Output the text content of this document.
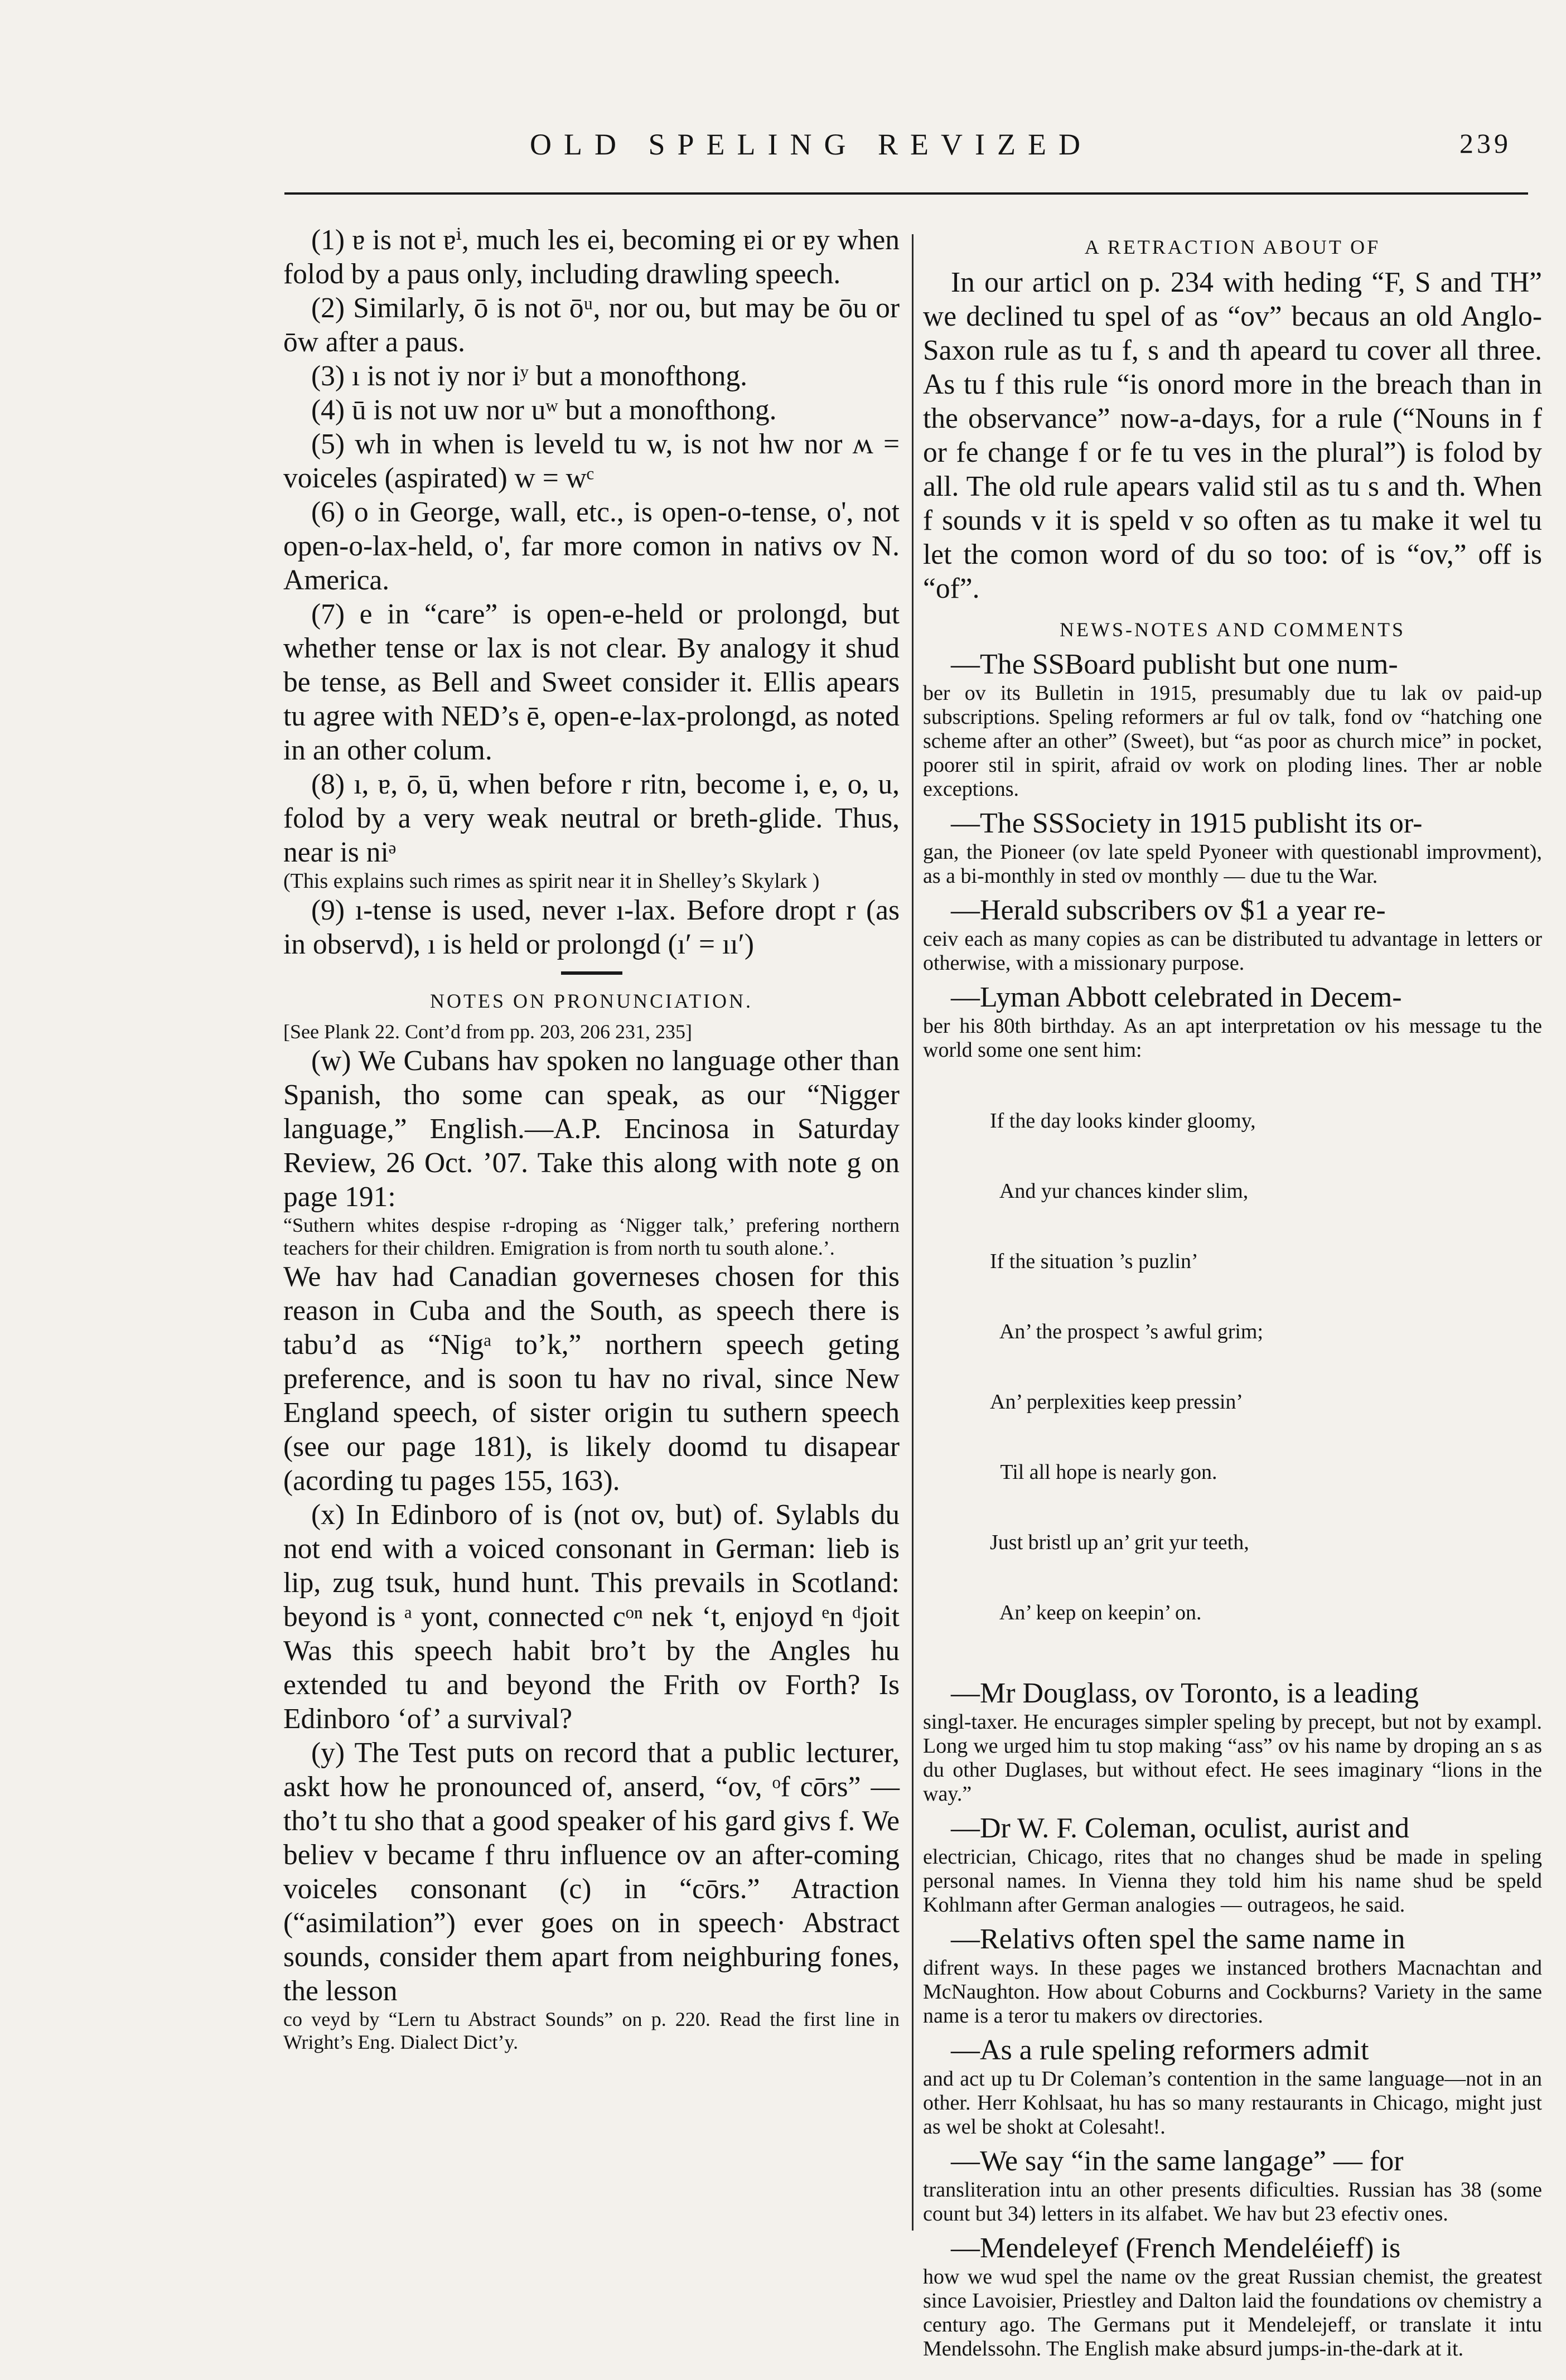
OLD SPELING REVIZED	239

(1) ɐ is not ɐⁱ, much les ei, becoming ɐi or ɐy when folod by a paus only, including drawling speech.

(2) Similarly, ō is not ōᵘ, nor ou, but may be ōu or ōw after a paus.

(3) ı is not iy nor iʸ but a monofthong.

(4) ū is not uw nor uʷ but a monofthong.

(5) wh in when is leveld tu w, is not hw nor ʍ = voiceles (aspirated) w = wᶜ

(6) o in George, wall, etc., is open-o-tense, o', not open-o-lax-held, o', far more comon in nativs ov N. America.

(7) e in “care” is open-e-held or prolongd, but whether tense or lax is not clear. By analogy it shud be tense, as Bell and Sweet consider it. Ellis apears tu agree with NED’s ē, open-e-lax-prolongd, as noted in an other colum.

(8) ı, ɐ, ō, ū, when before r ritn, become i, e, o, u, folod by a very weak neutral or breth-glide. Thus, near is niᵊ

(This explains such rimes as spirit near it in Shelley’s Skylark )

(9) ı-tense is used, never ı-lax. Before dropt r (as in observd), ı is held or prolongd (ı′ = ıı′)

NOTES ON PRONUNCIATION.

[See Plank 22. Cont’d from pp. 203, 206 231, 235]

(w) We Cubans hav spoken no language other than Spanish, tho some can speak, as our “Nigger language,” English.—A.P. Encinosa in Saturday Review, 26 Oct. ’07. Take this along with note g on page 191:

“Suthern whites despise r-droping as ‘Nigger talk,’ prefering northern teachers for their children. Emigration is from north tu south alone.’.

We hav had Canadian governeses chosen for this reason in Cuba and the South, as speech there is tabu’d as “Nigᵃ to’k,” northern speech geting preference, and is soon tu hav no rival, since New England speech, of sister origin tu suthern speech (see our page 181), is likely doomd tu disapear (acording tu pages 155, 163).

(x) In Edinboro of is (not ov, but) of. Sylabls du not end with a voiced consonant in German: lieb is lip, zug tsuk, hund hunt. This prevails in Scotland: beyond is ᵃ yont, connected cᵒⁿ nek ‘t, enjoyd ᵉn ᵈjoit Was this speech habit bro’t by the Angles hu extended tu and beyond the Frith ov Forth? Is Edinboro ‘of’ a survival?

(y) The Test puts on record that a public lecturer, askt how he pronounced of, anserd, “ov, ᵒf cōrs” — tho’t tu sho that a good speaker of his gard givs f. We believ v became f thru influence ov an after-coming voiceles consonant (c) in “cōrs.” Atraction (“asimilation”) ever goes on in speech· Abstract sounds, consider them apart from neighburing fones, the lesson

co veyd by “Lern tu Abstract Sounds” on p. 220. Read the first line in Wright’s Eng. Dialect Dict’y.

A RETRACTION ABOUT OF

In our articl on p. 234 with heding “F, S and TH” we declined tu spel of as “ov” becaus an old Anglo-Saxon rule as tu f, s and th apeard tu cover all three. As tu f this rule “is onord more in the breach than in the observance” now-a-days, for a rule (“Nouns in f or fe change f or fe tu ves in the plural”) is folod by all. The old rule apears valid stil as tu s and th. When f sounds v it is speld v so often as tu make it wel tu let the comon word of du so too: of is “ov,” off is “of”.

NEWS-NOTES AND COMMENTS

—The SSBoard publisht but one num-

ber ov its Bulletin in 1915, presumably due tu lak ov paid-up subscriptions. Speling reformers ar ful ov talk, fond ov “hatching one scheme after an other” (Sweet), but “as poor as church mice” in pocket, poorer stil in spirit, afraid ov work on ploding lines. Ther ar noble exceptions.

—The SSSociety in 1915 publisht its or-

gan, the Pioneer (ov late speld Pyoneer with questionabl improvment), as a bi-monthly in sted ov monthly — due tu the War.

—Herald subscribers ov $1 a year re-

ceiv each as many copies as can be distributed tu advantage in letters or otherwise, with a missionary purpose.

—Lyman Abbott celebrated in Decem-

ber his 80th birthday. As an apt interpretation ov his message tu the world some one sent him:

If the day looks kinder gloomy,

And yur chances kinder slim,

If the situation ’s puzlin’

An’ the prospect ’s awful grim;

An’ perplexities keep pressin’

Til all hope is nearly gon.

Just bristl up an’ grit yur teeth,

An’ keep on keepin’ on.

—Mr Douglass, ov Toronto, is a leading

singl-taxer. He encurages simpler speling by precept, but not by exampl. Long we urged him tu stop making “ass” ov his name by droping an s as du other Duglases, but without efect. He sees imaginary “lions in the way.”

—Dr W. F. Coleman, oculist, aurist and

electrician, Chicago, rites that no changes shud be made in speling personal names. In Vienna they told him his name shud be speld Kohlmann after German analogies — outrageos, he said.

—Relativs often spel the same name in

difrent ways. In these pages we instanced brothers Macnachtan and McNaughton. How about Coburns and Cockburns? Variety in the same name is a teror tu makers ov directories.

—As a rule speling reformers admit

and act up tu Dr Coleman’s contention in the same language—not in an other. Herr Kohlsaat, hu has so many restaurants in Chicago, might just as wel be shokt at Colesaht!.

—We say “in the same langage” — for

transliteration intu an other presents dificulties. Russian has 38 (some count but 34) letters in its alfabet. We hav but 23 efectiv ones.

—Mendeleyef (French Mendeléieff) is

how we wud spel the name ov the great Russian chemist, the greatest since Lavoisier, Priestley and Dalton laid the foundations ov chemistry a century ago. The Germans put it Mendelejeff, or translate it intu Mendelssohn. The English make absurd jumps-in-the-dark at it.
